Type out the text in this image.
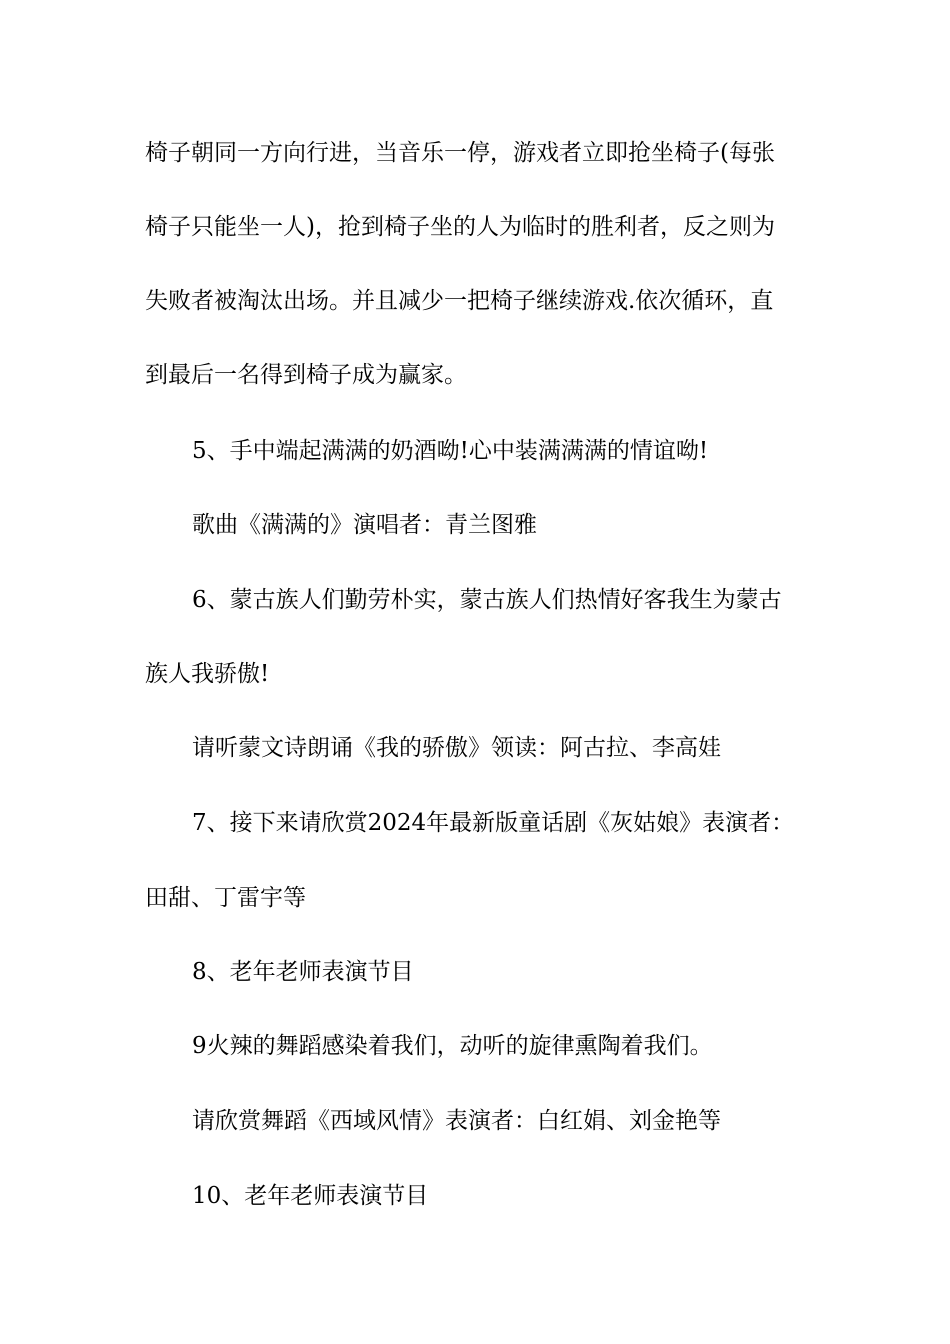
椅子朝同一方向行进，当音乐一停，游戏者立即抢坐椅子(每张

椅子只能坐一人)，抢到椅子坐的人为临时的胜利者，反之则为

失败者被淘汰出场。并且减少一把椅子继续游戏.依次循环，直

到最后一名得到椅子成为赢家。

5、手中端起满满的奶酒呦!心中装满满满的情谊呦!

歌曲《满满的》演唱者：青兰图雅

6、蒙古族人们勤劳朴实，蒙古族人们热情好客我生为蒙古

族人我骄傲!

请听蒙文诗朗诵《我的骄傲》领读：阿古拉、李高娃

7、接下来请欣赏2024年最新版童话剧《灰姑娘》表演者：

田甜、丁雷宇等

8、老年老师表演节目

9火辣的舞蹈感染着我们，动听的旋律熏陶着我们。

请欣赏舞蹈《西域风情》表演者：白红娟、刘金艳等

10、老年老师表演节目
